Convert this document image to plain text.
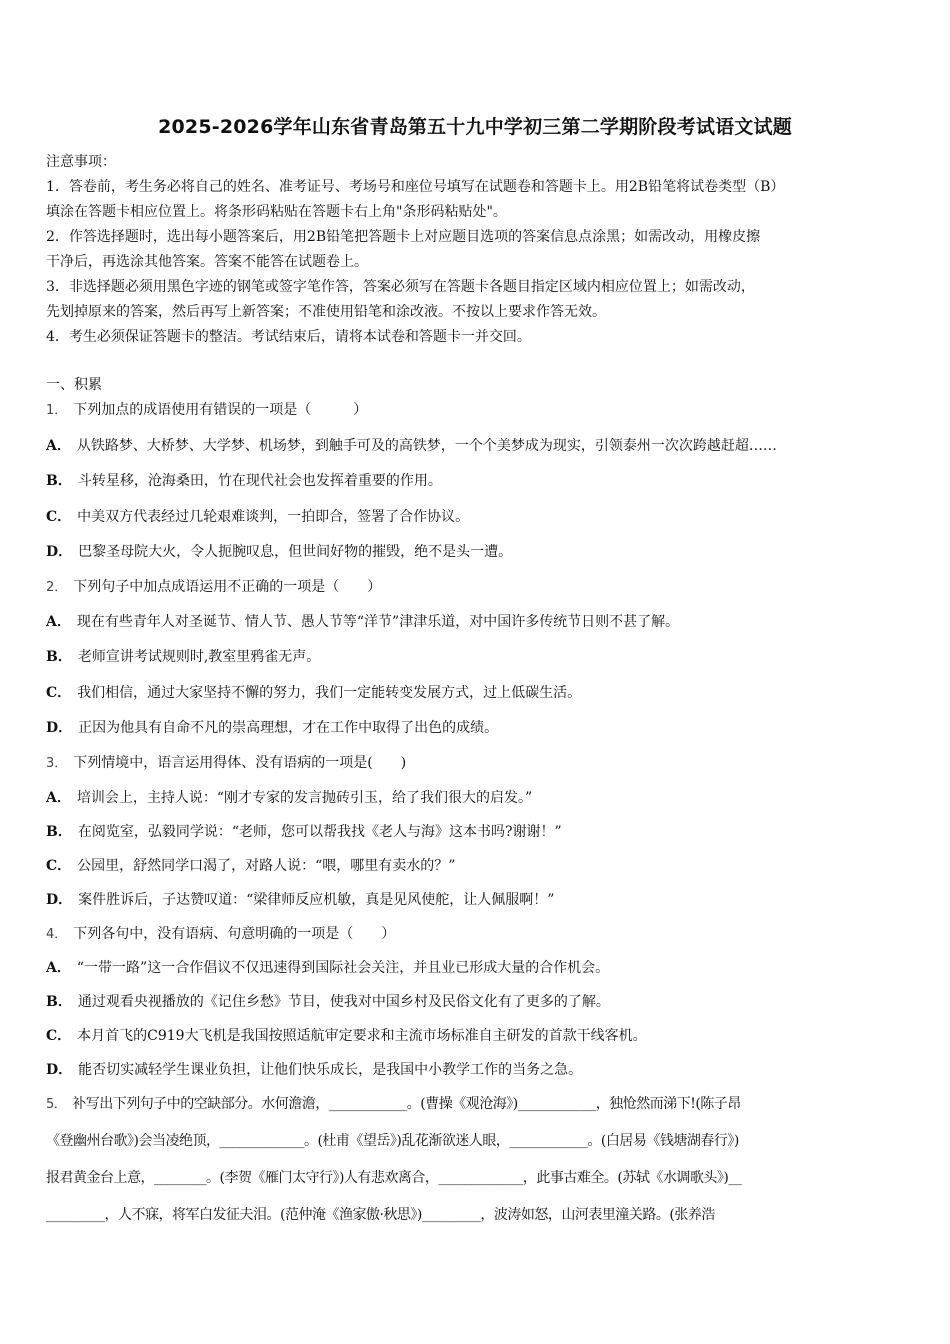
2025-2026学年山东省青岛第五十九中学初三第二学期阶段考试语文试题
注意事项：
1．答卷前，考生务必将自己的姓名、准考证号、考场号和座位号填写在试题卷和答题卡上。用2B铅笔将试卷类型（B）
填涂在答题卡相应位置上。将条形码粘贴在答题卡右上角"条形码粘贴处"。
2．作答选择题时，选出每小题答案后，用2B铅笔把答题卡上对应题目选项的答案信息点涂黑；如需改动，用橡皮擦
干净后，再选涂其他答案。答案不能答在试题卷上。
3．非选择题必须用黑色字迹的钢笔或签字笔作答，答案必须写在答题卡各题目指定区域内相应位置上；如需改动，
先划掉原来的答案，然后再写上新答案；不准使用铅笔和涂改液。不按以上要求作答无效。
4．考生必须保证答题卡的整洁。考试结束后，请将本试卷和答题卡一并交回。
一、积累
1． 下列加点的成语使用有错误的一项是（　　　）
A． 从铁路梦、大桥梦、大学梦、机场梦，到触手可及的高铁梦，一个个美梦成为现实，引领泰州一次次跨越赶超……
B． 斗转星移，沧海桑田，竹在现代社会也发挥着重要的作用。
C． 中美双方代表经过几轮艰难谈判，一拍即合，签署了合作协议。
D． 巴黎圣母院大火，令人扼腕叹息，但世间好物的摧毁，绝不是头一遭。
2． 下列句子中加点成语运用不正确的一项是（　　）
A． 现在有些青年人对圣诞节、情人节、愚人节等“洋节”津津乐道，对中国许多传统节日则不甚了解。
B． 老师宣讲考试规则时,教室里鸦雀无声。
C． 我们相信，通过大家坚持不懈的努力，我们一定能转变发展方式，过上低碳生活。
D． 正因为他具有自命不凡的崇高理想，才在工作中取得了出色的成绩。
3． 下列情境中，语言运用得体、没有语病的一项是(　　)
A． 培训会上，主持人说：“刚才专家的发言抛砖引玉，给了我们很大的启发。”
B． 在阅览室，弘毅同学说：“老师，您可以帮我找《老人与海》这本书吗?谢谢！”
C． 公园里，舒然同学口渴了，对路人说：“喂，哪里有卖水的？”
D． 案件胜诉后，子达赞叹道：“梁律师反应机敏，真是见风使舵，让人佩服啊！”
4． 下列各句中，没有语病、句意明确的一项是（　　）
A． “一带一路”这一合作倡议不仅迅速得到国际社会关注，并且业已形成大量的合作机会。
B． 通过观看央视播放的《记住乡愁》节目，使我对中国乡村及民俗文化有了更多的了解。
C． 本月首飞的C919大飞机是我国按照适航审定要求和主流市场标准自主研发的首款干线客机。
D． 能否切实减轻学生课业负担，让他们快乐成长，是我国中小教学工作的当务之急。
5． 补写出下列句子中的空缺部分。水何澹澹，____________。(曹操《观沧海》)____________，独怆然而涕下!(陈子昂
《登幽州台歌》)会当凌绝顶，_____________。(杜甫《望岳》)乱花渐欲迷人眼，____________。(白居易《钱塘湖春行》)
报君黄金台上意，________。(李贺《雁门太守行》)人有悲欢离合，_____________，此事古难全。(苏轼《水调歌头》)__
_________，人不寐，将军白发征夫泪。(范仲淹《渔家傲·秋思》)_________，波涛如怒，山河表里潼关路。(张养浩
